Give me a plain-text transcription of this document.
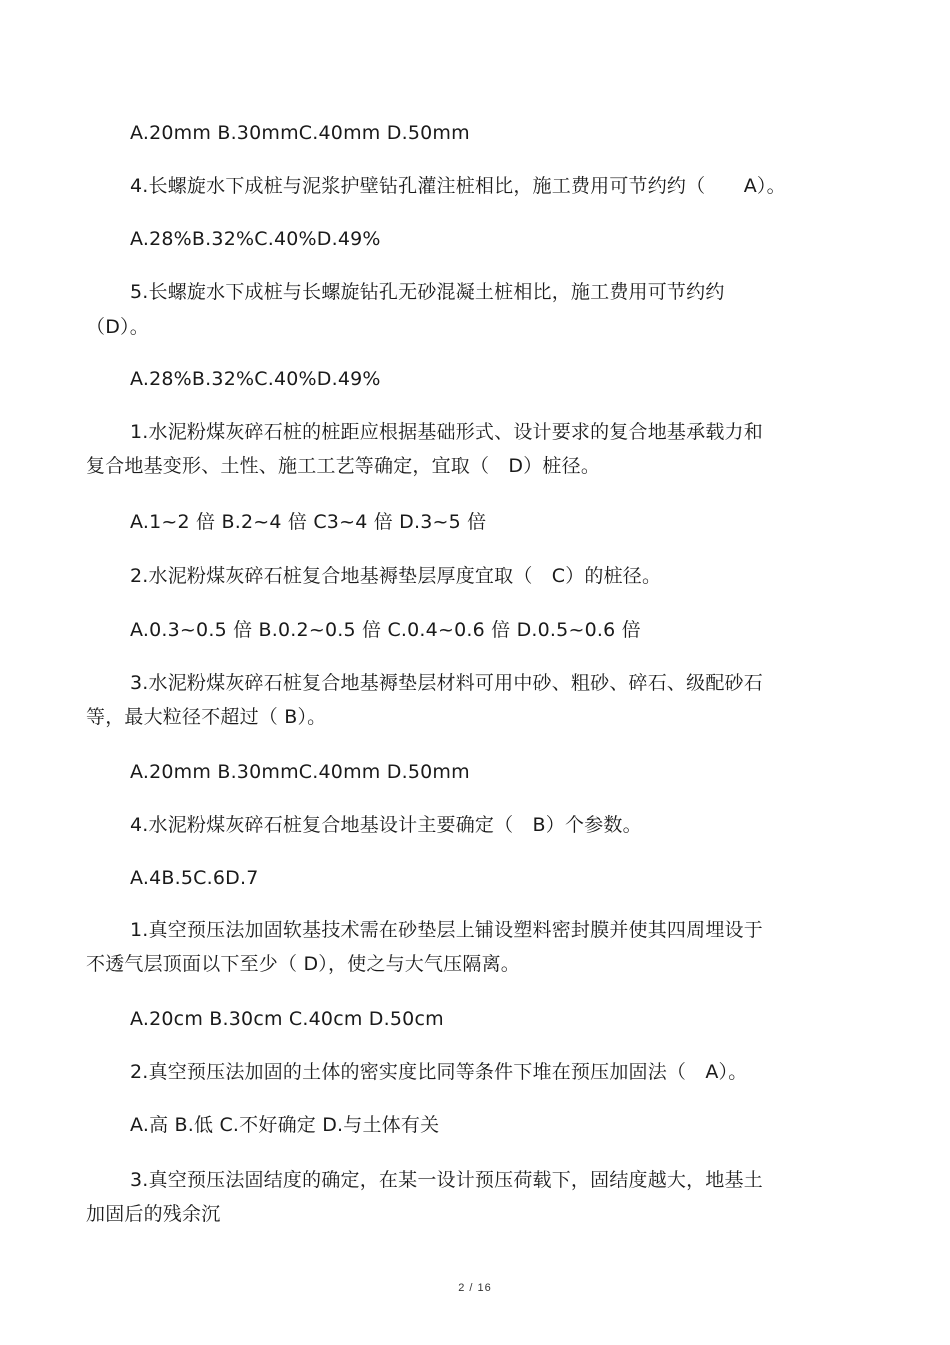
A.20mm B.30mmC.40mm D.50mm
4.长螺旋水下成桩与泥浆护壁钻孔灌注桩相比，施工费用可节约约（　　A）。
A.28%B.32%C.40%D.49%
5.长螺旋水下成桩与长螺旋钻孔无砂混凝土桩相比，施工费用可节约约
（D）。
A.28%B.32%C.40%D.49%
1.水泥粉煤灰碎石桩的桩距应根据基础形式、设计要求的复合地基承载力和
复合地基变形、土性、施工工艺等确定，宜取（　D）桩径。
A.1~2 倍 B.2~4 倍 C3~4 倍 D.3~5 倍
2.水泥粉煤灰碎石桩复合地基褥垫层厚度宜取（　C）的桩径。
A.0.3~0.5 倍 B.0.2~0.5 倍 C.0.4~0.6 倍 D.0.5~0.6 倍
3.水泥粉煤灰碎石桩复合地基褥垫层材料可用中砂、粗砂、碎石、级配砂石
等，最大粒径不超过（ B）。
A.20mm B.30mmC.40mm D.50mm
4.水泥粉煤灰碎石桩复合地基设计主要确定（　B）个参数。
A.4B.5C.6D.7
1.真空预压法加固软基技术需在砂垫层上铺设塑料密封膜并使其四周埋设于
不透气层顶面以下至少（ D），使之与大气压隔离。
A.20cm B.30cm C.40cm D.50cm
2.真空预压法加固的土体的密实度比同等条件下堆在预压加固法（　A）。
A.高 B.低 C.不好确定 D.与土体有关
3.真空预压法固结度的确定，在某一设计预压荷载下，固结度越大，地基土
加固后的残余沉
2 / 16
